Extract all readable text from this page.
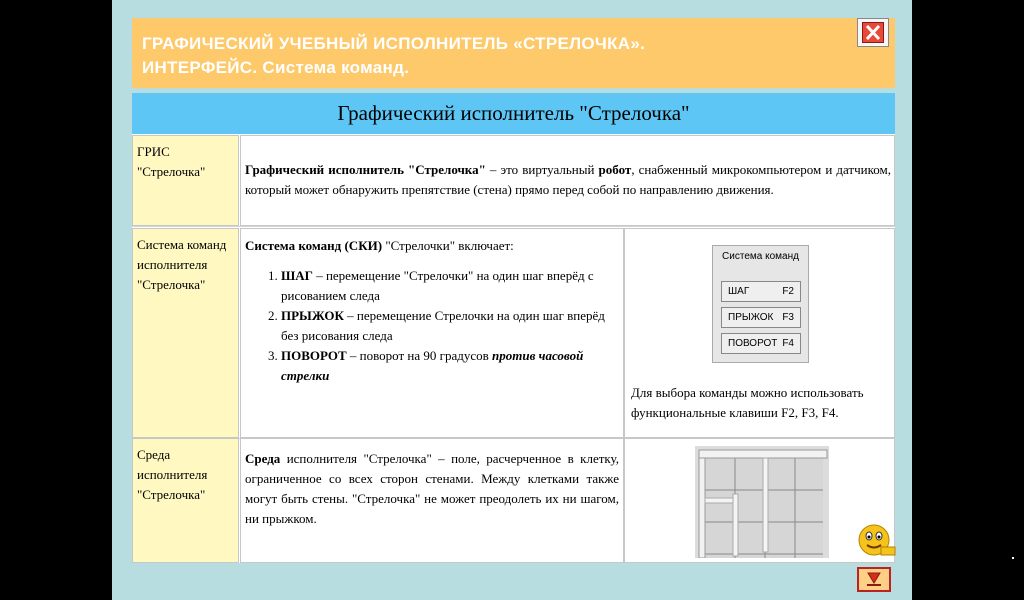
ГРАФИЧЕСКИЙ УЧЕБНЫЙ ИСПОЛНИТЕЛЬ «СТРЕЛОЧКА».
ИНТЕРФЕЙС. Система команд.
Графический исполнитель "Стрелочка"
ГРИС "Стрелочка"	Графический исполнитель "Стрелочка" – это виртуальный робот, снабженный микрокомпьютером и датчиком, который может обнаружить препятствие (стена) прямо перед собой по направлению движения.

Система команд исполнителя "Стрелочка"

Система команд (СКИ) "Стрелочки" включает:

1. ШАГ – перемещение "Стрелочки" на один шаг вперёд с рисованием следа
2. ПРЫЖОК – перемещение Стрелочки на один шаг вперёд без рисования следа
3. ПОВОРОТ – поворот на 90 градусов против часовой стрелки
Система команд
ШАГ	F2
ПРЫЖОК F3
ПОВОРОТ F4
Для выбора команды можно использовать функциональные клавиши F2, F3, F4.
Среда исполнителя "Стрелочка"

Среда исполнителя "Стрелочка" – поле, расчерченное в клетку, ограниченное со всех сторон стенами. Между клетками также могут быть стены. "Стрелочка" не может преодолеть их ни шагом, ни прыжком.
